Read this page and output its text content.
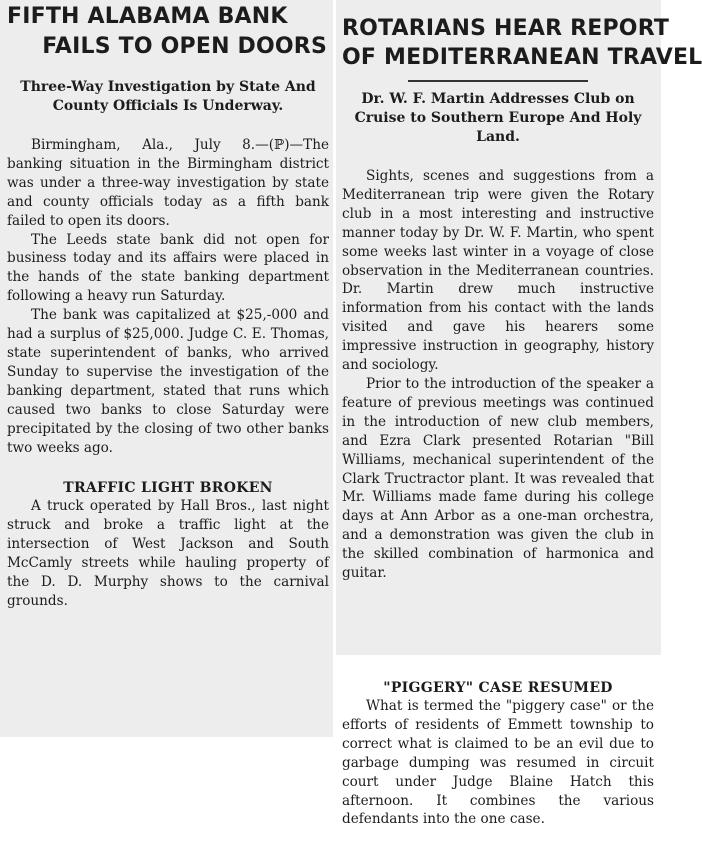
FIFTH ALABAMA BANK
FAILS TO OPEN DOORS
Three-Way Investigation by State And County Officials Is Underway.

Birmingham, Ala., July 8.—(ℙ)—The banking situation in the Birmingham district was under a three-way investigation by state and county officials today as a fifth bank failed to open its doors.

The Leeds state bank did not open for business today and its affairs were placed in the hands of the state banking department following a heavy run Saturday.

The bank was capitalized at $25,-000 and had a surplus of $25,000. Judge C. E. Thomas, state superintendent of banks, who arrived Sunday to supervise the investigation of the banking department, stated that runs which caused two banks to close Saturday were precipitated by the closing of two other banks two weeks ago.

TRAFFIC LIGHT BROKEN

A truck operated by Hall Bros., last night struck and broke a traffic light at the intersection of West Jackson and South McCamly streets while hauling property of the D. D. Murphy shows to the carnival grounds.

ROTARIANS HEAR REPORT
OF MEDITERRANEAN TRAVEL
Dr. W. F. Martin Addresses Club on Cruise to Southern Europe And Holy Land.

Sights, scenes and suggestions from a Mediterranean trip were given the Rotary club in a most interesting and instructive manner today by Dr. W. F. Martin, who spent some weeks last winter in a voyage of close observation in the Mediterranean countries. Dr. Martin drew much instructive information from his contact with the lands visited and gave his hearers some impressive instruction in geography, history and sociology.

Prior to the introduction of the speaker a feature of previous meetings was continued in the introduction of new club members, and Ezra Clark presented Rotarian "Bill Williams, mechanical superintendent of the Clark Tructractor plant. It was revealed that Mr. Williams made fame during his college days at Ann Arbor as a one-man orchestra, and a demonstration was given the club in the skilled combination of harmonica and guitar.

"PIGGERY" CASE RESUMED

What is termed the "piggery case" or the efforts of residents of Emmett township to correct what is claimed to be an evil due to garbage dumping was resumed in circuit court under Judge Blaine Hatch this afternoon. It combines the various defendants into the one case.
